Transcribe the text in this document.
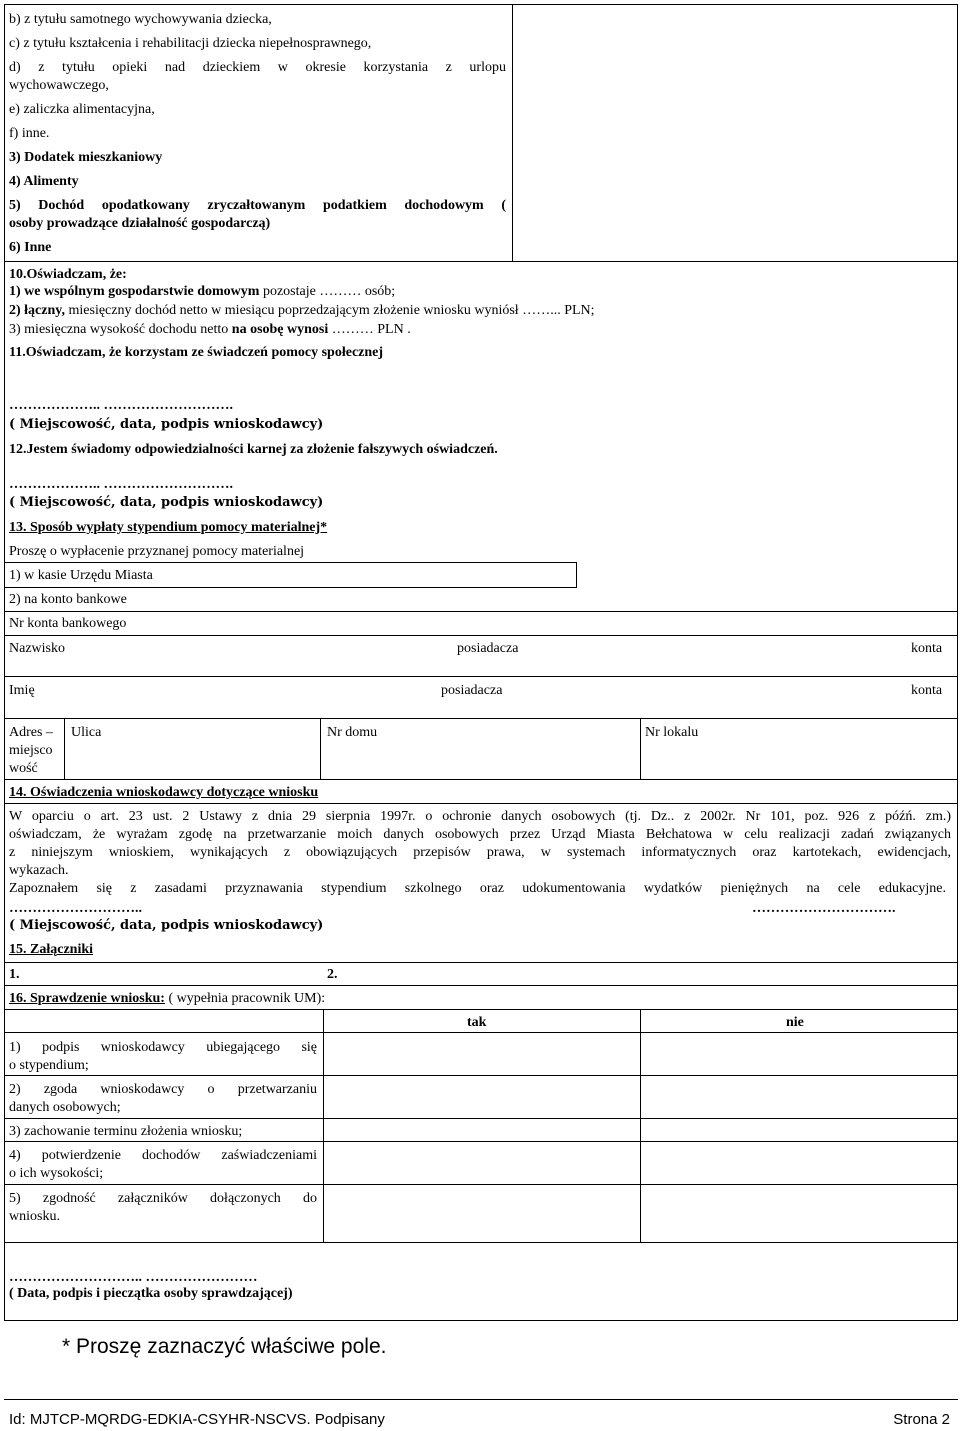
b) z tytułu samotnego wychowywania dziecka,
c) z tytułu kształcenia i rehabilitacji dziecka niepełnosprawnego,
d) z tytułu opieki nad dzieckiem w okresie korzystania z urlopu
wychowawczego,
e) zaliczka alimentacyjna,
f) inne.
3) Dodatek mieszkaniowy
4) Alimenty
5) Dochód opodatkowany zryczałtowanym podatkiem dochodowym (
osoby prowadzące działalność gospodarczą)
6) Inne
10.Oświadczam, że:
1) we wspólnym gospodarstwie domowym pozostaje ……… osób;
2) łączny, miesięczny dochód netto w miesiącu poprzedzającym złożenie wniosku wyniósł ……... PLN;
3) miesięczna wysokość dochodu netto na osobę wynosi ……… PLN .
11.Oświadczam, że korzystam ze świadczeń pomocy społecznej
……………….. ……………………….
( Miejscowość, data, podpis wnioskodawcy)
12.Jestem świadomy odpowiedzialności karnej za złożenie fałszywych oświadczeń.
……………….. ……………………….
( Miejscowość, data, podpis wnioskodawcy)
13. Sposób wypłaty stypendium pomocy materialnej*
Proszę o wypłacenie przyznanej pomocy materialnej
1) w kasie Urzędu Miasta
2) na konto bankowe
Nr konta bankowego
Nazwisko	posiadacza	konta
Imię	posiadacza	konta
Adres –
miejsco
wość
Ulica	Nr domu	Nr lokalu
14. Oświadczenia wnioskodawcy dotyczące wniosku
W oparciu o art. 23 ust. 2 Ustawy z dnia 29 sierpnia 1997r. o ochronie danych osobowych (tj. Dz.. z 2002r. Nr 101, poz. 926 z późń. zm.)
oświadczam, że wyrażam zgodę na przetwarzanie moich danych osobowych przez Urząd Miasta Bełchatowa w celu realizacji zadań związanych
z niniejszym wnioskiem, wynikających z obowiązujących przepisów prawa, w systemach informatycznych oraz kartotekach, ewidencjach,
wykazach.
Zapoznałem się z zasadami przyznawania stypendium szkolnego oraz udokumentowania wydatków pieniężnych na cele edukacyjne.
………………………..	………………………….
( Miejscowość, data, podpis wnioskodawcy)
15. Załączniki
1.	2.
16. Sprawdzenie wniosku: ( wypełnia pracownik UM):
tak	nie
1) podpis wnioskodawcy ubiegającego się
o stypendium;
2) zgoda wnioskodawcy o przetwarzaniu
danych osobowych;
3) zachowanie terminu złożenia wniosku;
4) potwierdzenie dochodów zaświadczeniami
o ich wysokości;
5) zgodność załączników dołączonych do
wniosku.
……………………….. ……………………
( Data, podpis i pieczątka osoby sprawdzającej)
* Proszę zaznaczyć właściwe pole.
Id: MJTCP-MQRDG-EDKIA-CSYHR-NSCVS. Podpisany	Strona 2
